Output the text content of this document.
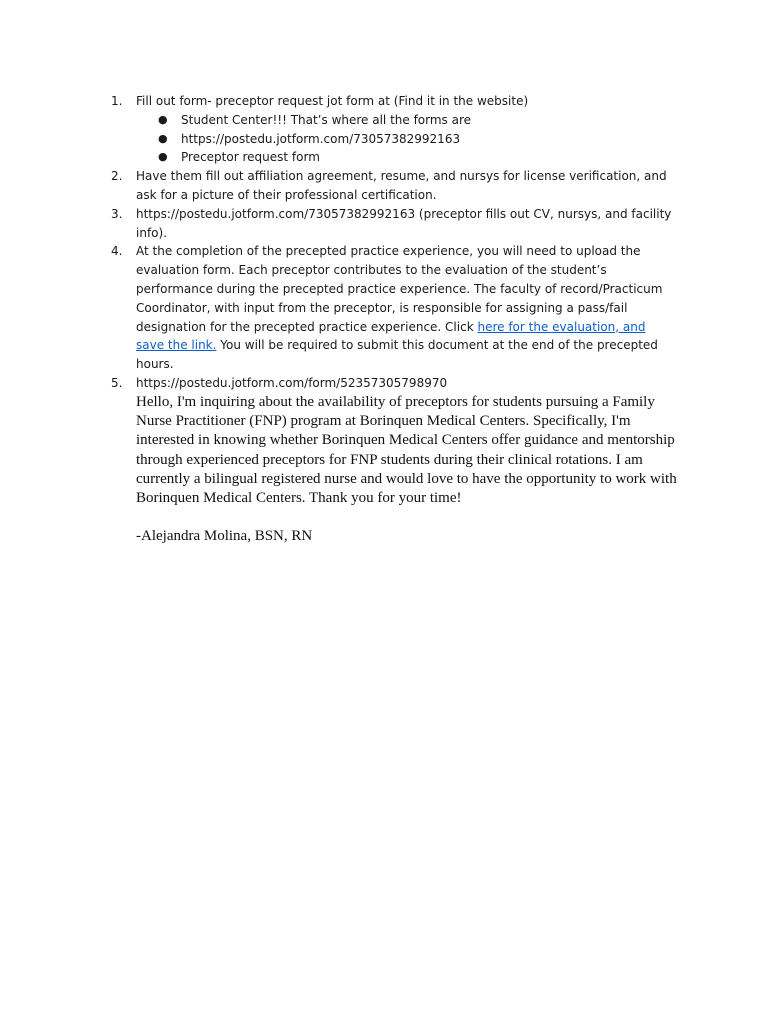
1.	Fill out form- preceptor request jot form at (Find it in the website)
● Student Center!!! That’s where all the forms are
● https://postedu.jotform.com/73057382992163
● Preceptor request form
2.	Have them fill out affiliation agreement, resume, and nursys for license verification, and ask for a picture of their professional certification.
3.	https://postedu.jotform.com/73057382992163 (preceptor fills out CV, nursys, and facility info).
4.	At the completion of the precepted practice experience, you will need to upload the evaluation form. Each preceptor contributes to the evaluation of the student’s performance during the precepted practice experience. The faculty of record/Practicum Coordinator, with input from the preceptor, is responsible for assigning a pass/fail designation for the precepted practice experience. Click here for the evaluation, and save the link. You will be required to submit this document at the end of the precepted hours.
5.	https://postedu.jotform.com/form/52357305798970

Hello, I'm inquiring about the availability of preceptors for students pursuing a Family Nurse Practitioner (FNP) program at Borinquen Medical Centers. Specifically, I'm interested in knowing whether Borinquen Medical Centers offer guidance and mentorship through experienced preceptors for FNP students during their clinical rotations. I am currently a bilingual registered nurse and would love to have the opportunity to work with Borinquen Medical Centers. Thank you for your time!

-Alejandra Molina, BSN, RN
